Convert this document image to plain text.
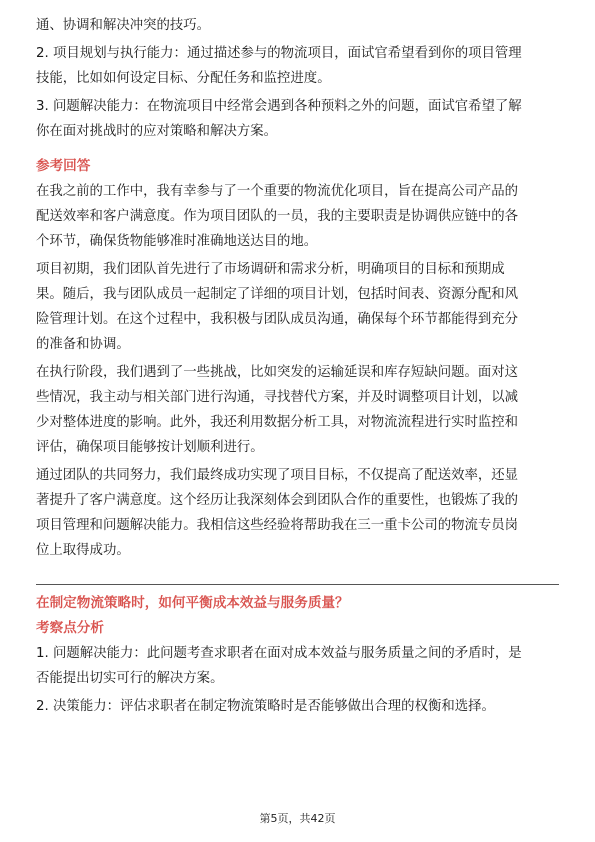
通、协调和解决冲突的技巧。
2. 项目规划与执行能力：通过描述参与的物流项目，面试官希望看到你的项目管理
技能，比如如何设定目标、分配任务和监控进度。
3. 问题解决能力：在物流项目中经常会遇到各种预料之外的问题，面试官希望了解
你在面对挑战时的应对策略和解决方案。
参考回答
在我之前的工作中，我有幸参与了一个重要的物流优化项目，旨在提高公司产品的
配送效率和客户满意度。作为项目团队的一员，我的主要职责是协调供应链中的各
个环节，确保货物能够准时准确地送达目的地。
项目初期，我们团队首先进行了市场调研和需求分析，明确项目的目标和预期成
果。随后，我与团队成员一起制定了详细的项目计划，包括时间表、资源分配和风
险管理计划。在这个过程中，我积极与团队成员沟通，确保每个环节都能得到充分
的准备和协调。
在执行阶段，我们遇到了一些挑战，比如突发的运输延误和库存短缺问题。面对这
些情况，我主动与相关部门进行沟通，寻找替代方案，并及时调整项目计划，以减
少对整体进度的影响。此外，我还利用数据分析工具，对物流流程进行实时监控和
评估，确保项目能够按计划顺利进行。
通过团队的共同努力，我们最终成功实现了项目目标，不仅提高了配送效率，还显
著提升了客户满意度。这个经历让我深刻体会到团队合作的重要性，也锻炼了我的
项目管理和问题解决能力。我相信这些经验将帮助我在三一重卡公司的物流专员岗
位上取得成功。
在制定物流策略时，如何平衡成本效益与服务质量？
考察点分析
1. 问题解决能力：此问题考查求职者在面对成本效益与服务质量之间的矛盾时，是
否能提出切实可行的解决方案。
2. 决策能力：评估求职者在制定物流策略时是否能够做出合理的权衡和选择。
第5页，共42页
